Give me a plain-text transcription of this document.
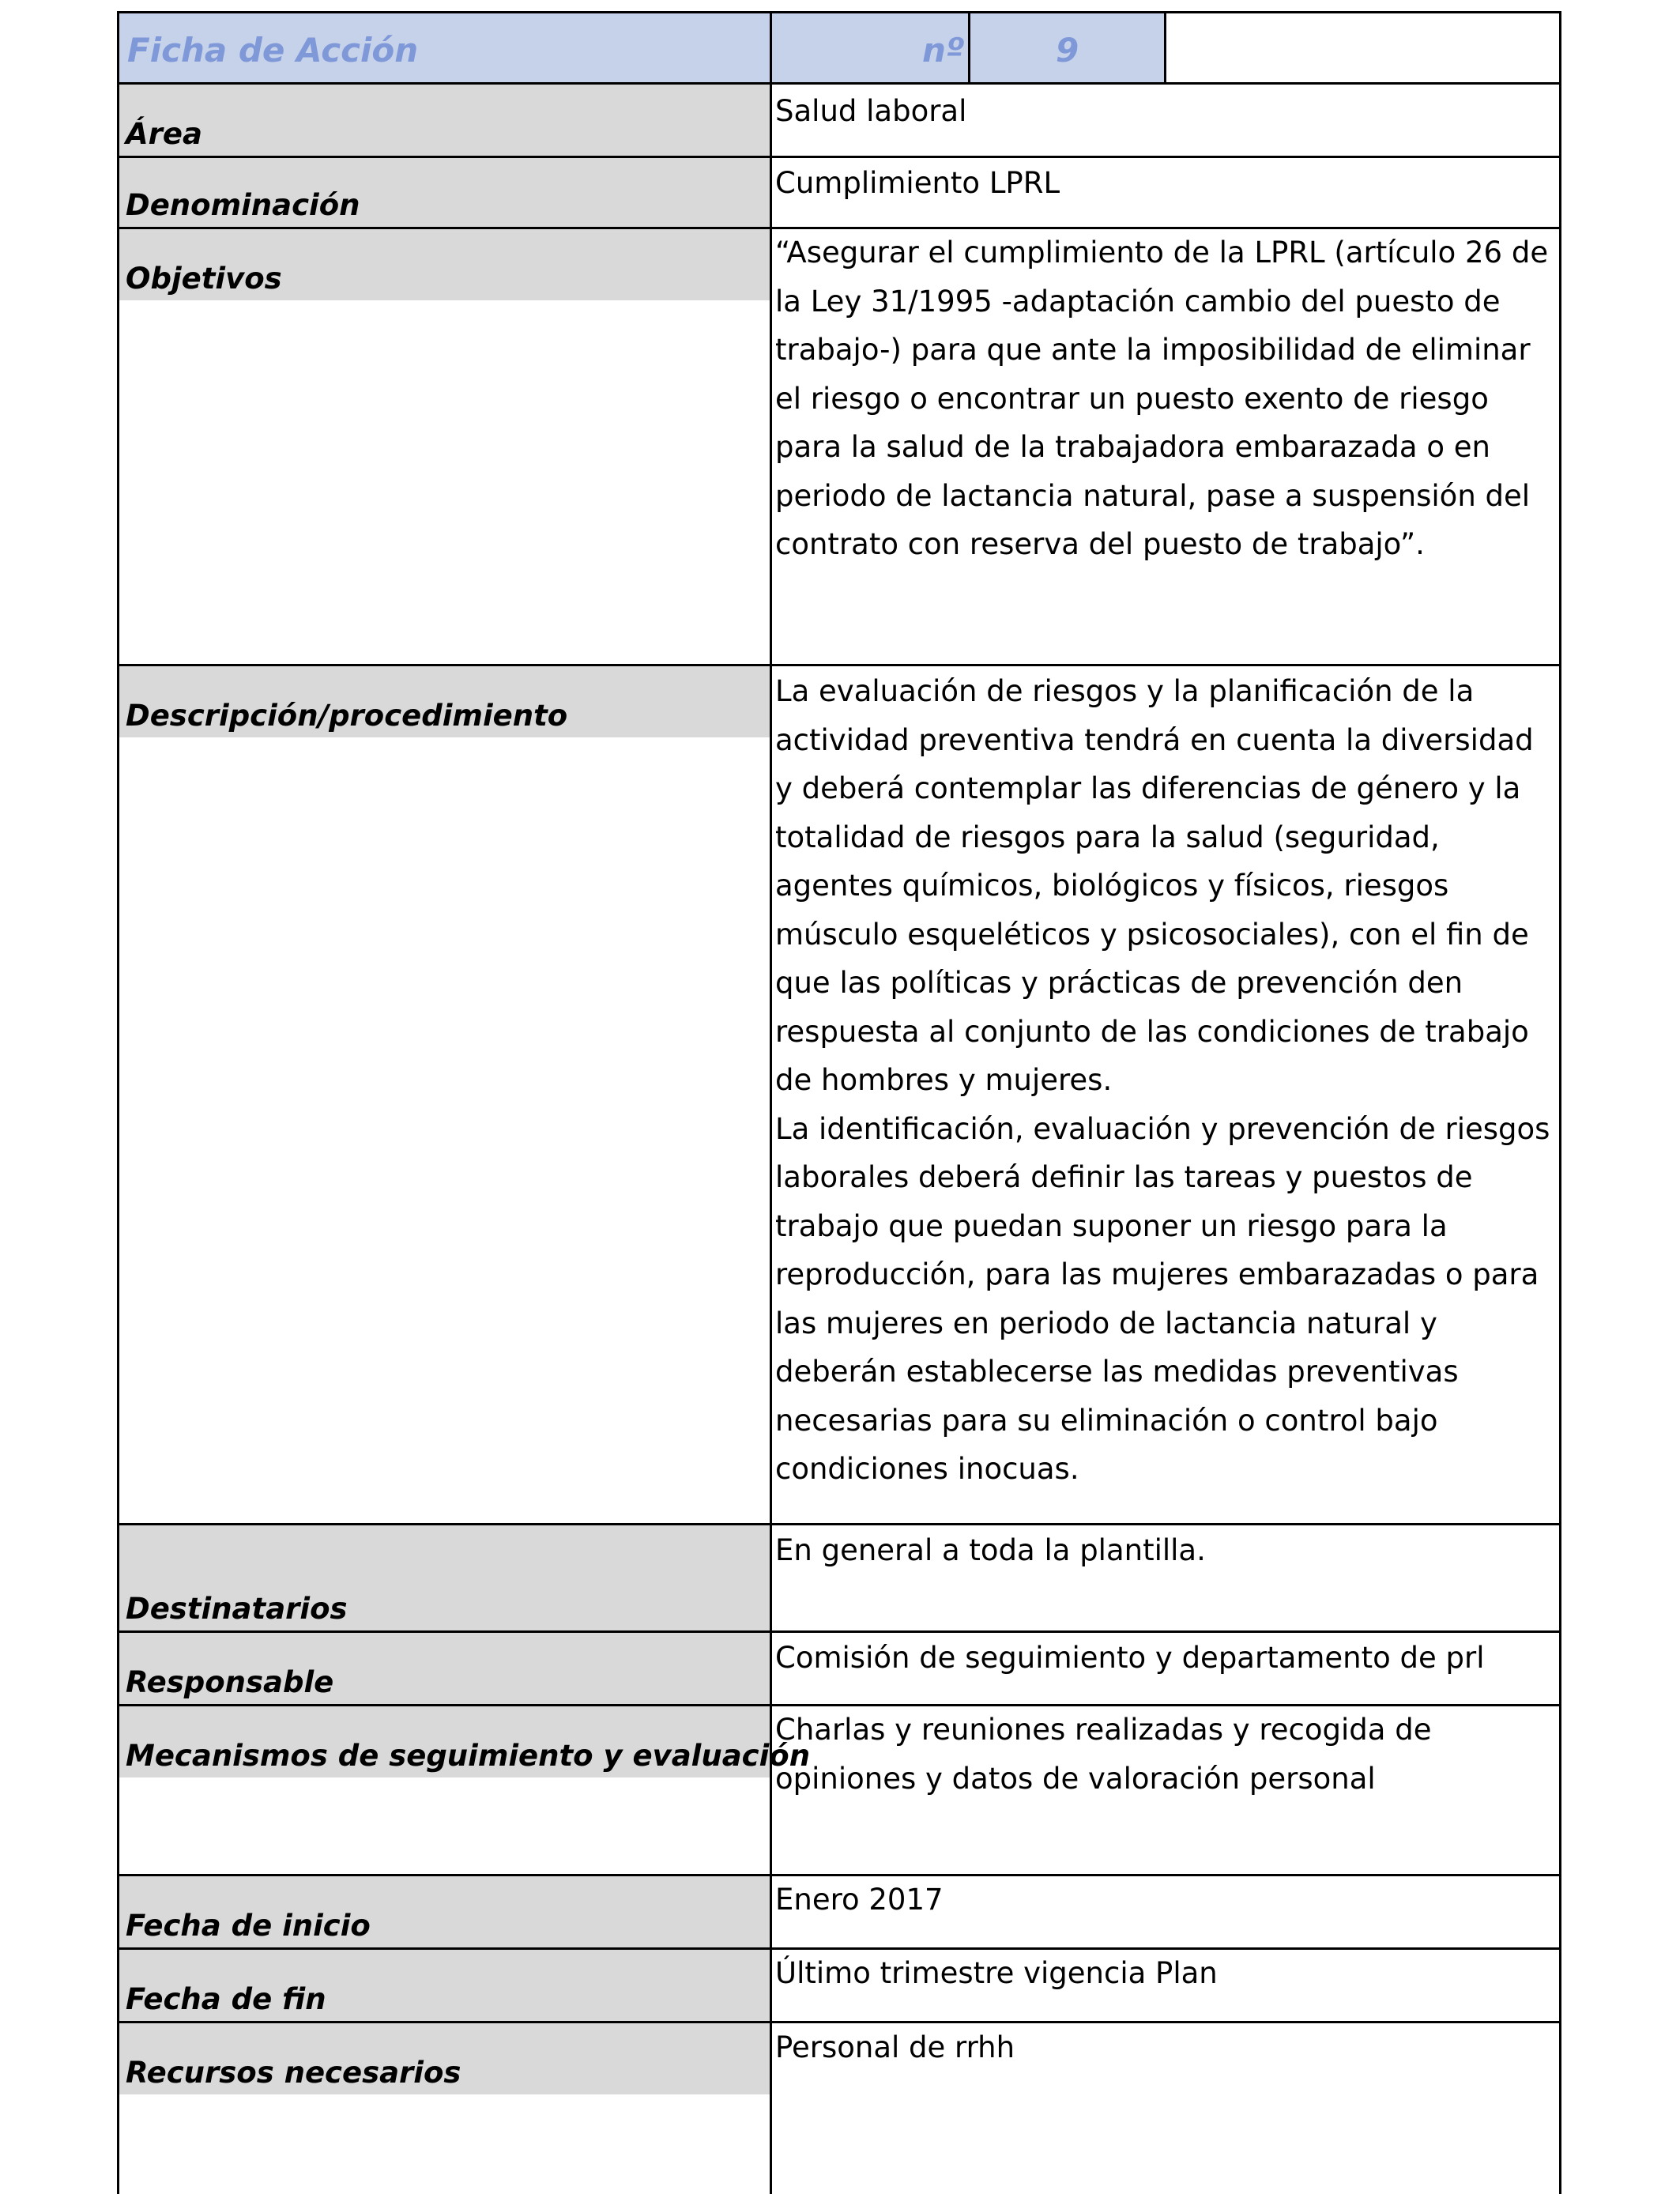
Ficha de Acción	nº	9
Área
Salud laboral
Denominación
Cumplimiento LPRL
Objetivos
“Asegurar el cumplimiento de la LPRL (artículo 26 de la Ley 31/1995 -adaptación cambio del puesto de trabajo-) para que ante la imposibilidad de eliminar el riesgo o encontrar un puesto exento de riesgo para la salud de la trabajadora embarazada o en periodo de lactancia natural, pase a suspensión del contrato con reserva del puesto de trabajo”.
Descripción/procedimiento
La evaluación de riesgos y la planificación de la actividad preventiva tendrá en cuenta la diversidad y deberá contemplar las diferencias de género y la totalidad de riesgos para la salud (seguridad, agentes químicos, biológicos y físicos, riesgos músculo esqueléticos y psicosociales), con el fin de que las políticas y prácticas de prevención den respuesta al conjunto de las condiciones de trabajo de hombres y mujeres.
La identificación, evaluación y prevención de riesgos laborales deberá definir las tareas y puestos de trabajo que puedan suponer un riesgo para la reproducción, para las mujeres embarazadas o para las mujeres en periodo de lactancia natural y deberán establecerse las medidas preventivas necesarias para su eliminación o control bajo condiciones inocuas.
Destinatarios
En general a toda la plantilla.
Responsable
Comisión de seguimiento y departamento de prl
Mecanismos de seguimiento y evaluación
Charlas y reuniones realizadas y recogida de opiniones y datos de valoración personal
Fecha de inicio
Enero 2017
Fecha de fin
Último trimestre vigencia Plan
Recursos necesarios
Personal de rrhh
